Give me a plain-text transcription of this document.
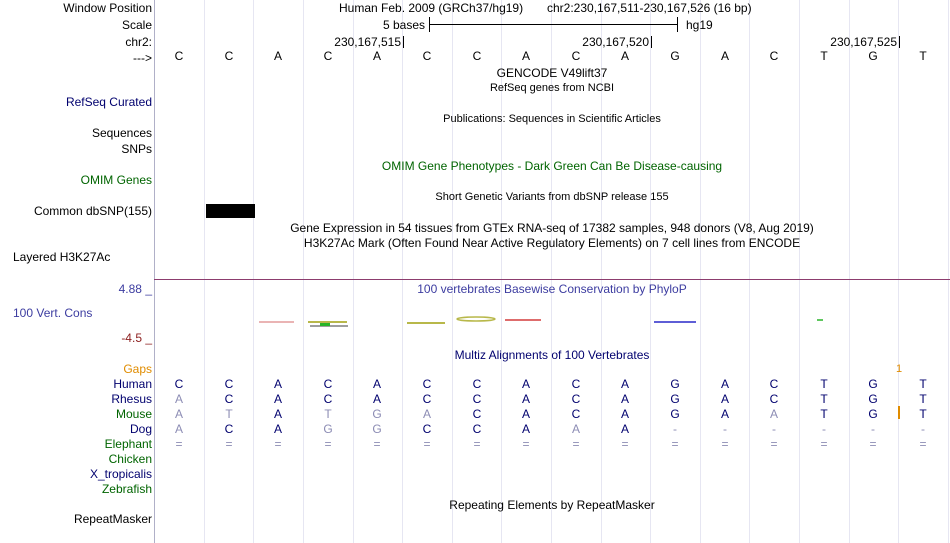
Window Position	Human Feb. 2009 (GRCh37/hg19) chr2:230,167,511-230,167,526 (16 bp)
Scale	5 bases	hg19
chr2:	230,167,515	230,167,520	230,167,525
---> C	C	A	C	A	C	C	A	C	A	G	A	C	T	G	T
GENCODE V49lift37
RefSeq genes from NCBI
RefSeq Curated
Publications: Sequences in Scientific Articles
Sequences
SNPs
OMIM Gene Phenotypes - Dark Green Can Be Disease-causing
OMIM Genes
Short Genetic Variants from dbSNP release 155
Common dbSNP(155)
Gene Expression in 54 tissues from GTEx RNA-seq of 17382 samples, 948 donors (V8, Aug 2019)
H3K27Ac Mark (Often Found Near Active Regulatory Elements) on 7 cell lines from ENCODE
Layered H3K27Ac
4.88 _	100 vertebrates Basewise Conservation by PhyloP
100 Vert. Cons
-4.5 _
Multiz Alignments of 100 Vertebrates
Gaps	1
Human C	C	A	C	A	C	C	A	C	A	G	A	C	T	G	T
Rhesus A	C	A	C	A	C	C	A	C	A	G	A	C	T	G	T
Mouse A	T	A	T	G	A	C	A	C	A	G	A	A	T	G	T
Dog A	C	A	G	G	C	C	A	A	A	-	-	-	-	-	-
Elephant =	=	=	=	=	=	=	=	=	=	=	=	=	=	=	=
Chicken
X_tropicalis
Zebrafish
Repeating Elements by RepeatMasker
RepeatMasker
